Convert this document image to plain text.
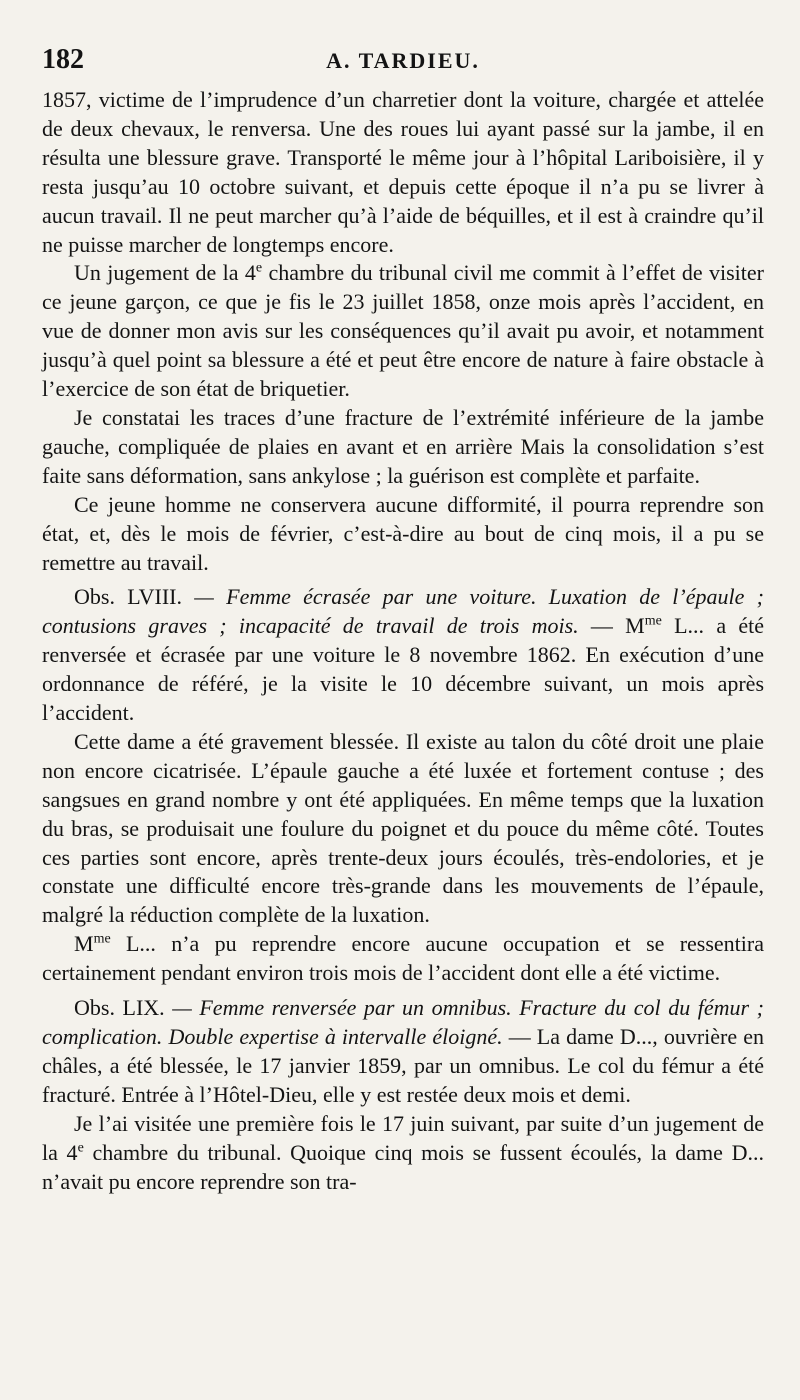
182	A. TARDIEU.

1857, victime de l’imprudence d’un charretier dont la voiture, chargée et attelée de deux chevaux, le renversa. Une des roues lui ayant passé sur la jambe, il en résulta une blessure grave. Transporté le même jour à l’hôpital Lariboisière, il y resta jusqu’au 10 octobre suivant, et depuis cette époque il n’a pu se livrer à aucun travail. Il ne peut marcher qu’à l’aide de béquilles, et il est à craindre qu’il ne puisse marcher de longtemps encore.

Un jugement de la 4e chambre du tribunal civil me commit à l’effet de visiter ce jeune garçon, ce que je fis le 23 juillet 1858, onze mois après l’accident, en vue de donner mon avis sur les conséquences qu’il avait pu avoir, et notamment jusqu’à quel point sa blessure a été et peut être encore de nature à faire obstacle à l’exercice de son état de briquetier.

Je constatai les traces d’une fracture de l’extrémité inférieure de la jambe gauche, compliquée de plaies en avant et en arrière Mais la consolidation s’est faite sans déformation, sans ankylose ; la guérison est complète et parfaite.

Ce jeune homme ne conservera aucune difformité, il pourra reprendre son état, et, dès le mois de février, c’est-à-dire au bout de cinq mois, il a pu se remettre au travail.

Obs. LVIII. — Femme écrasée par une voiture. Luxation de l’épaule ; contusions graves ; incapacité de travail de trois mois. — $M^{me}$ L... a été renversée et écrasée par une voiture le 8 novembre 1862. En exécution d’une ordonnance de référé, je la visite le 10 décembre suivant, un mois après l’accident.

Cette dame a été gravement blessée. Il existe au talon du côté droit une plaie non encore cicatrisée. L’épaule gauche a été luxée et fortement contuse ; des sangsues en grand nombre y ont été appliquées. En même temps que la luxation du bras, se produisait une foulure du poignet et du pouce du même côté. Toutes ces parties sont encore, après trente-deux jours écoulés, très-endolories, et je constate une difficulté encore très-grande dans les mouvements de l’épaule, malgré la réduction complète de la luxation.

$M^{me}$ L... n’a pu reprendre encore aucune occupation et se ressentira certainement pendant environ trois mois de l’accident dont elle a été victime.

Obs. LIX. — Femme renversée par un omnibus. Fracture du col du fémur ; complication. Double expertise à intervalle éloigné. — La dame D..., ouvrière en châles, a été blessée, le 17 janvier 1859, par un omnibus. Le col du fémur a été fracturé. Entrée à l’Hôtel-Dieu, elle y est restée deux mois et demi.

Je l’ai visitée une première fois le 17 juin suivant, par suite d’un jugement de la 4e chambre du tribunal. Quoique cinq mois se fussent écoulés, la dame D... n’avait pu encore reprendre son tra-
